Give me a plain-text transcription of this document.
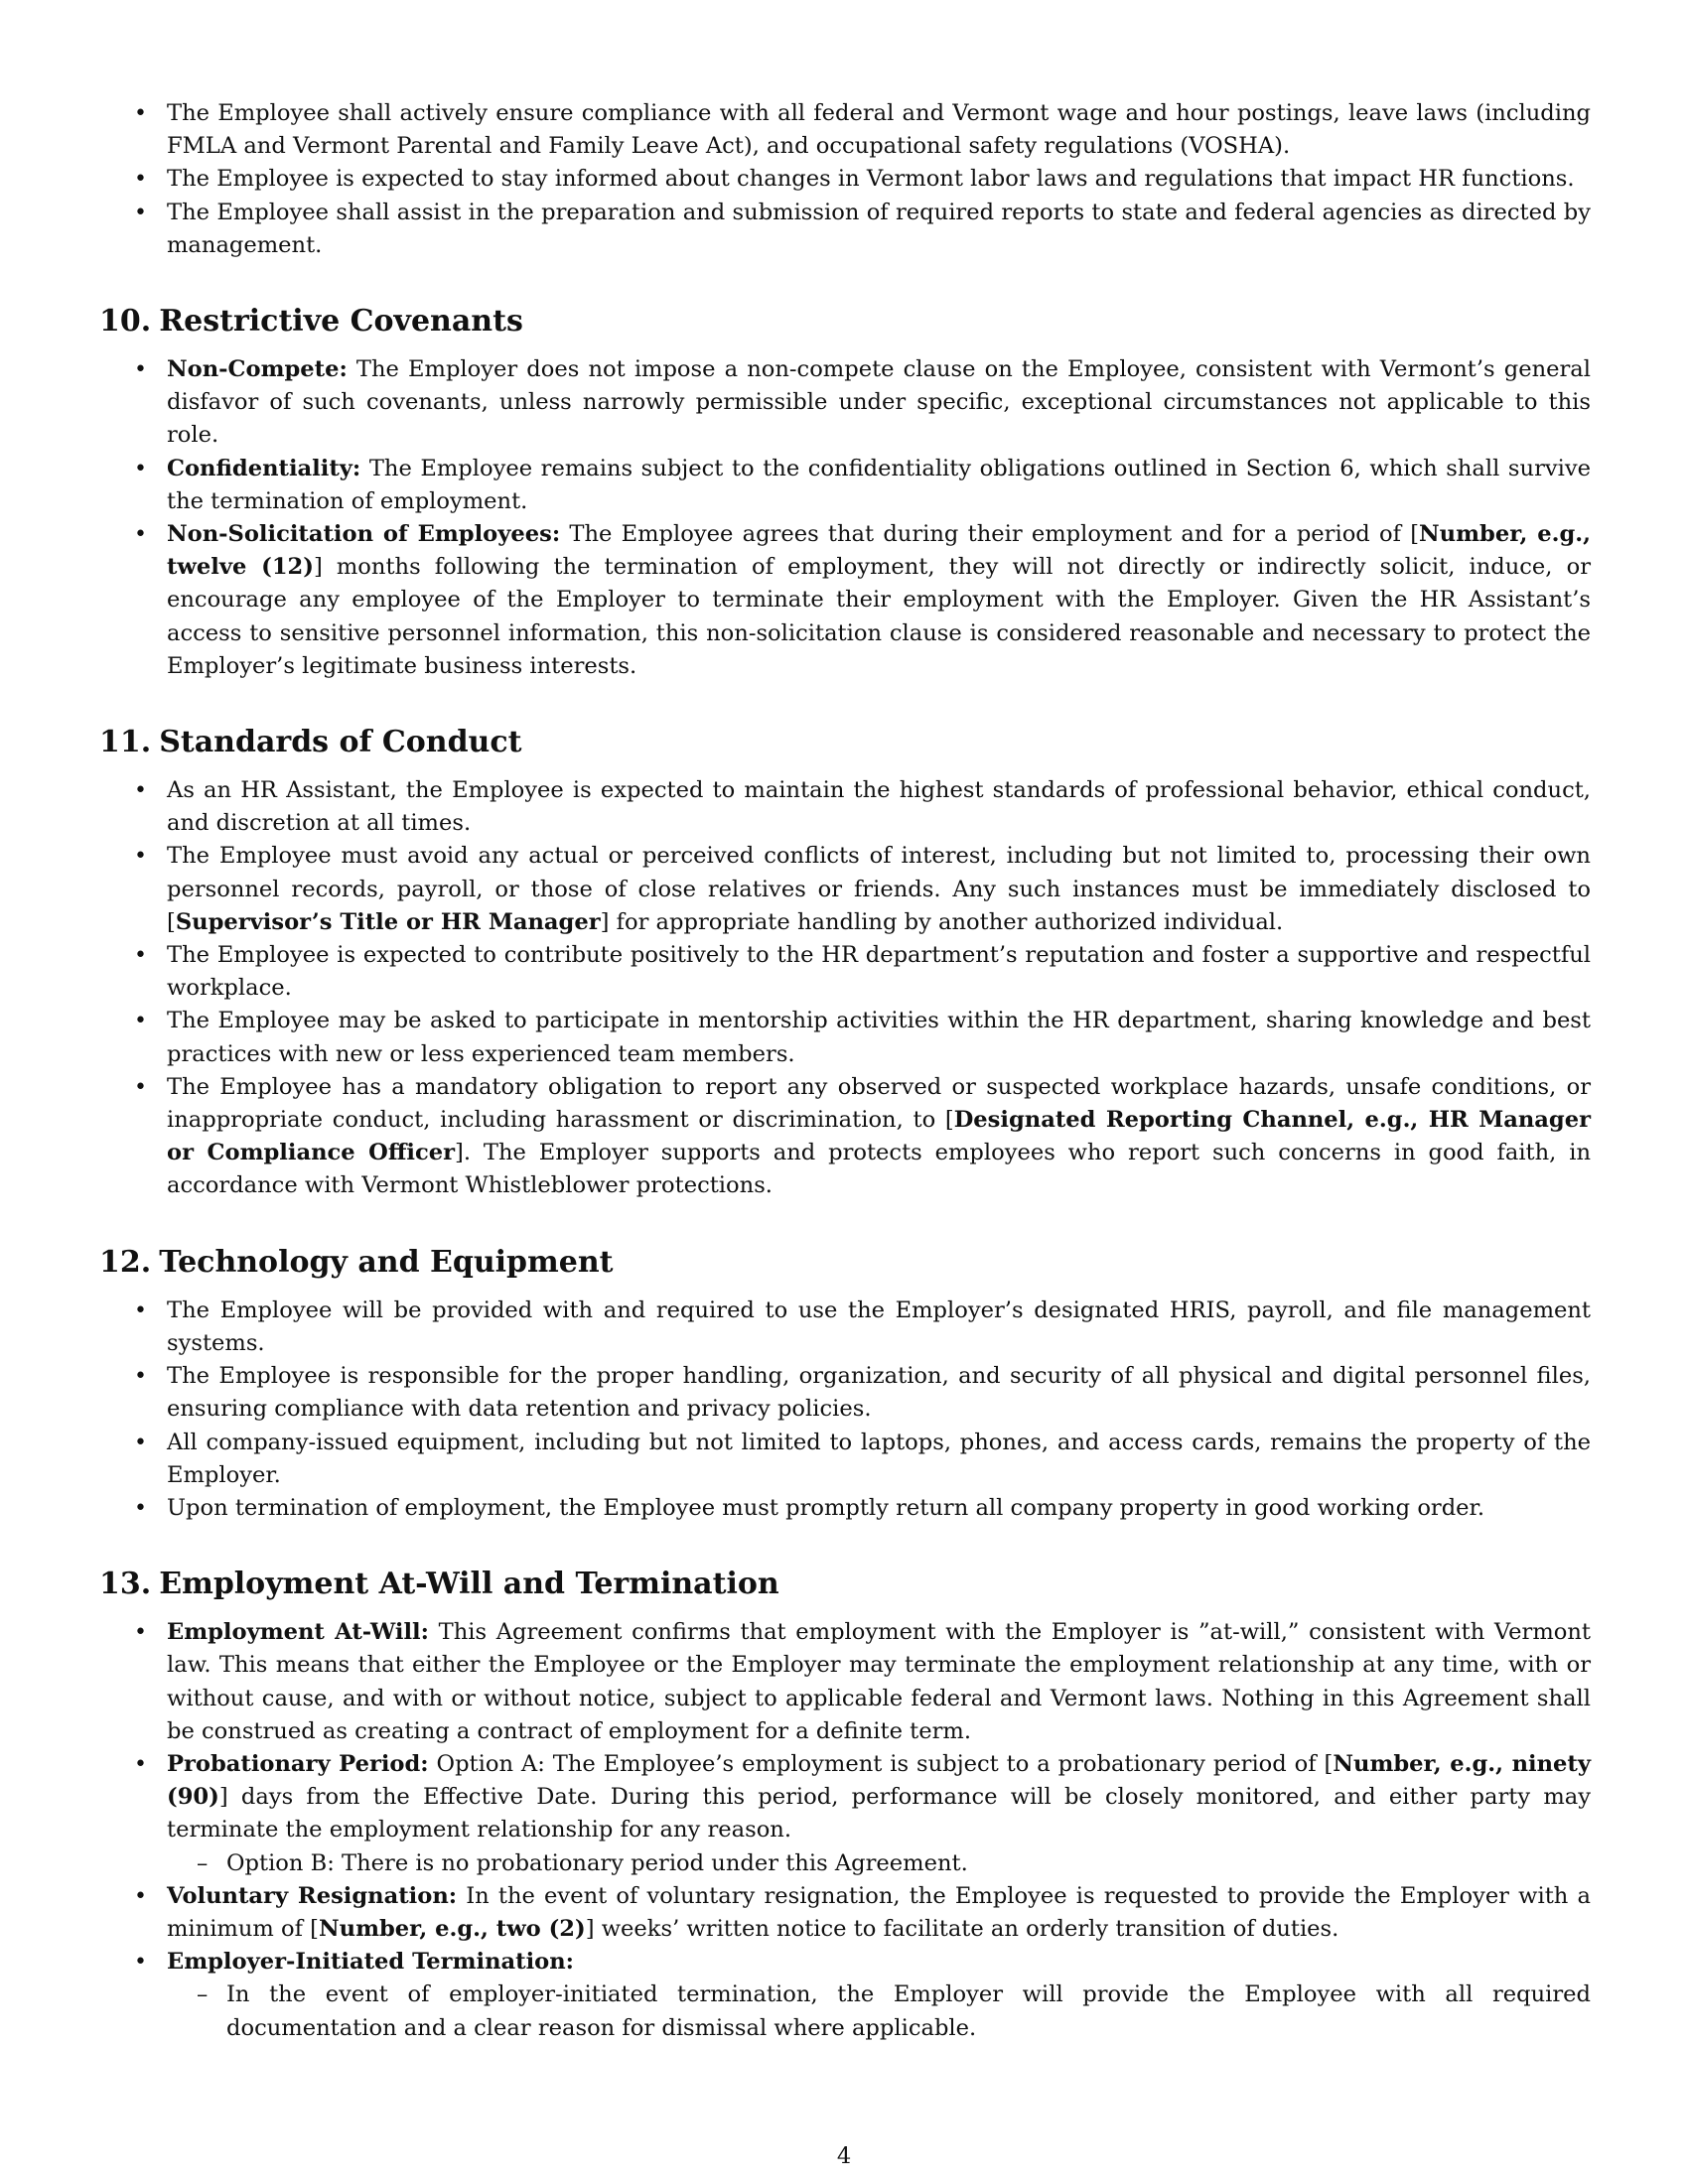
• The Employee shall actively ensure compliance with all federal and Vermont wage and hour postings, leave laws (including FMLA and Vermont Parental and Family Leave Act), and occupational safety regulations (VOSHA).
• The Employee is expected to stay informed about changes in Vermont labor laws and regulations that impact HR functions.
• The Employee shall assist in the preparation and submission of required reports to state and federal agencies as directed by management.
10. Restrictive Covenants
• Non-Compete: The Employer does not impose a non-compete clause on the Employee, consistent with Vermont’s general disfavor of such covenants, unless narrowly permissible under specific, exceptional circumstances not applicable to this role.
• Confidentiality: The Employee remains subject to the confidentiality obligations outlined in Section 6, which shall survive the termination of employment.
• Non-Solicitation of Employees: The Employee agrees that during their employment and for a period of [Number, e.g., twelve (12)] months following the termination of employment, they will not directly or indirectly solicit, induce, or encourage any employee of the Employer to terminate their employment with the Employer. Given the HR Assistant’s access to sensitive personnel information, this non-solicitation clause is considered reasonable and necessary to protect the Employer’s legitimate business interests.
11. Standards of Conduct
• As an HR Assistant, the Employee is expected to maintain the highest standards of professional behavior, ethical conduct, and discretion at all times.
• The Employee must avoid any actual or perceived conflicts of interest, including but not limited to, processing their own personnel records, payroll, or those of close relatives or friends. Any such instances must be immediately disclosed to [Supervisor’s Title or HR Manager] for appropriate handling by another authorized individual.
• The Employee is expected to contribute positively to the HR department’s reputation and foster a supportive and respectful workplace.
• The Employee may be asked to participate in mentorship activities within the HR department, sharing knowledge and best practices with new or less experienced team members.
• The Employee has a mandatory obligation to report any observed or suspected workplace hazards, unsafe conditions, or inappropriate conduct, including harassment or discrimination, to [Designated Reporting Channel, e.g., HR Manager or Compliance Officer]. The Employer supports and protects employees who report such concerns in good faith, in accordance with Vermont Whistleblower protections.
12. Technology and Equipment
• The Employee will be provided with and required to use the Employer’s designated HRIS, payroll, and file management systems.
• The Employee is responsible for the proper handling, organization, and security of all physical and digital personnel files, ensuring compliance with data retention and privacy policies.
• All company-issued equipment, including but not limited to laptops, phones, and access cards, remains the property of the Employer.
• Upon termination of employment, the Employee must promptly return all company property in good working order.
13. Employment At-Will and Termination
• Employment At-Will: This Agreement confirms that employment with the Employer is ”at-will,” consistent with Vermont law. This means that either the Employee or the Employer may terminate the employment relationship at any time, with or without cause, and with or without notice, subject to applicable federal and Vermont laws. Nothing in this Agreement shall be construed as creating a contract of employment for a definite term.
• Probationary Period: Option A: The Employee’s employment is subject to a probationary period of [Number, e.g., ninety (90)] days from the Effective Date. During this period, performance will be closely monitored, and either party may terminate the employment relationship for any reason.
– Option B: There is no probationary period under this Agreement.
• Voluntary Resignation: In the event of voluntary resignation, the Employee is requested to provide the Employer with a minimum of [Number, e.g., two (2)] weeks’ written notice to facilitate an orderly transition of duties.
• Employer-Initiated Termination:
– In the event of employer-initiated termination, the Employer will provide the Employee with all required documentation and a clear reason for dismissal where applicable.
4
